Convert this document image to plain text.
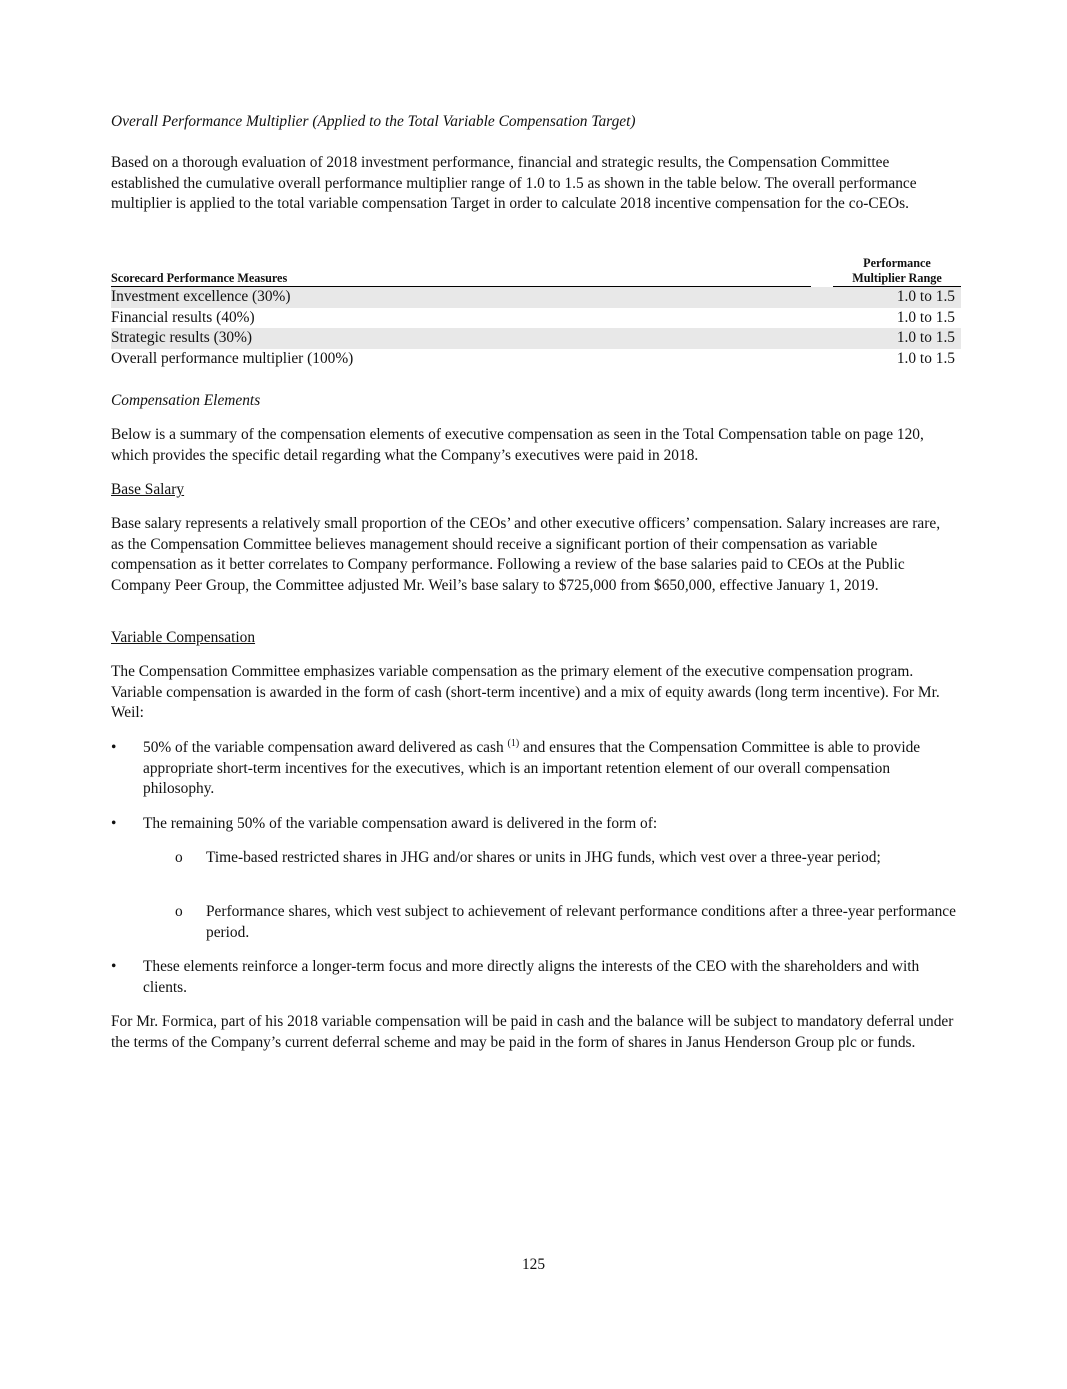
Overall Performance Multiplier (Applied to the Total Variable Compensation Target)

Based on a thorough evaluation of 2018 investment performance, financial and strategic results, the Compensation Committee established the cumulative overall performance multiplier range of 1.0 to 1.5 as shown in the table below. The overall performance multiplier is applied to the total variable compensation Target in order to calculate 2018 incentive compensation for the co-CEOs.

Scorecard Performance Measures		Performance
Multiplier Range
Investment excellence (30%)		1.0 to 1.5
Financial results (40%)		1.0 to 1.5
Strategic results (30%)		1.0 to 1.5
Overall performance multiplier (100%)		1.0 to 1.5

Compensation Elements

Below is a summary of the compensation elements of executive compensation as seen in the Total Compensation table on page 120, which provides the specific detail regarding what the Company’s executives were paid in 2018.

Base Salary

Base salary represents a relatively small proportion of the CEOs’ and other executive officers’ compensation. Salary increases are rare, as the Compensation Committee believes management should receive a significant portion of their compensation as variable compensation as it better correlates to Company performance. Following a review of the base salaries paid to CEOs at the Public Company Peer Group, the Committee adjusted Mr. Weil’s base salary to $725,000 from $650,000, effective January 1, 2019.

Variable Compensation

The Compensation Committee emphasizes variable compensation as the primary element of the executive compensation program. Variable compensation is awarded in the form of cash (short-term incentive) and a mix of equity awards (long term incentive). For Mr. Weil:

• 50% of the variable compensation award delivered as cash $^{(1)}$ and ensures that the Compensation Committee is able to provide appropriate short-term incentives for the executives, which is an important retention element of our overall compensation philosophy.
• The remaining 50% of the variable compensation award is delivered in the form of:
o Time-based restricted shares in JHG and/or shares or units in JHG funds, which vest over a three-year period;
o Performance shares, which vest subject to achievement of relevant performance conditions after a three-year performance period.
• These elements reinforce a longer-term focus and more directly aligns the interests of the CEO with the shareholders and with clients.

For Mr. Formica, part of his 2018 variable compensation will be paid in cash and the balance will be subject to mandatory deferral under the terms of the Company’s current deferral scheme and may be paid in the form of shares in Janus Henderson Group plc or funds.

125
